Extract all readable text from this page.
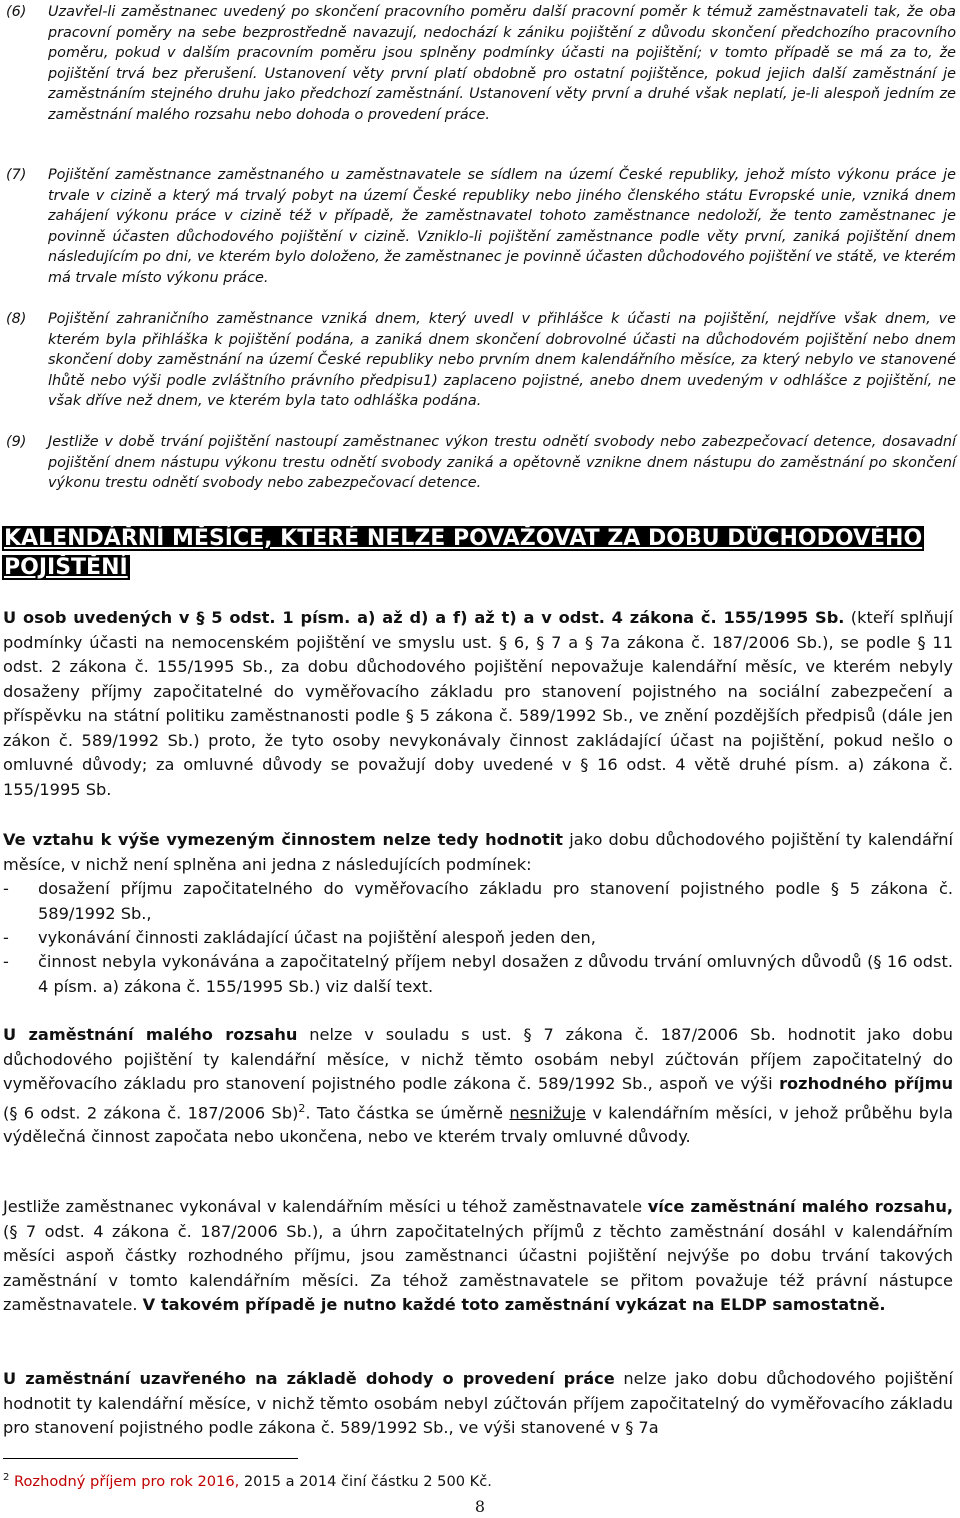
(6)	Uzavřel-li zaměstnanec uvedený po skončení pracovního poměru další pracovní poměr k témuž zaměstnavateli tak, že oba pracovní poměry na sebe bezprostředně navazují, nedochází k zániku pojištění z důvodu skončení předchozího pracovního poměru, pokud v dalším pracovním poměru jsou splněny podmínky účasti na pojištění; v tomto případě se má za to, že pojištění trvá bez přerušení. Ustanovení věty první platí obdobně pro ostatní pojištěnce, pokud jejich další zaměstnání je zaměstnáním stejného druhu jako předchozí zaměstnání. Ustanovení věty první a druhé však neplatí, je-li alespoň jedním ze zaměstnání malého rozsahu nebo dohoda o provedení práce.
(7)	Pojištění zaměstnance zaměstnaného u zaměstnavatele se sídlem na území České republiky, jehož místo výkonu práce je trvale v cizině a který má trvalý pobyt na území České republiky nebo jiného členského státu Evropské unie, vzniká dnem zahájení výkonu práce v cizině též v případě, že zaměstnavatel tohoto zaměstnance nedoloží, že tento zaměstnanec je povinně účasten důchodového pojištění v cizině. Vzniklo-li pojištění zaměstnance podle věty první, zaniká pojištění dnem následujícím po dni, ve kterém bylo doloženo, že zaměstnanec je povinně účasten důchodového pojištění ve státě, ve kterém má trvale místo výkonu práce.
(8)	Pojištění zahraničního zaměstnance vzniká dnem, který uvedl v přihlášce k účasti na pojištění, nejdříve však dnem, ve kterém byla přihláška k pojištění podána, a zaniká dnem skončení dobrovolné účasti na důchodovém pojištění nebo dnem skončení doby zaměstnání na území České republiky nebo prvním dnem kalendářního měsíce, za který nebylo ve stanovené lhůtě nebo výši podle zvláštního právního předpisu1) zaplaceno pojistné, anebo dnem uvedeným v odhlášce z pojištění, ne však dříve než dnem, ve kterém byla tato odhláška podána.
(9)	Jestliže v době trvání pojištění nastoupí zaměstnanec výkon trestu odnětí svobody nebo zabezpečovací detence, dosavadní pojištění dnem nástupu výkonu trestu odnětí svobody zaniká a opětovně vznikne dnem nástupu do zaměstnání po skončení výkonu trestu odnětí svobody nebo zabezpečovací detence.
KALENDÁŘNÍ MĚSÍCE, KTERÉ NELZE POVAŽOVAT ZA DOBU DŮCHODOVÉHO POJIŠTĚNÍ
U osob uvedených v § 5 odst. 1 písm. a) až d) a f) až t) a v odst. 4 zákona č. 155/1995 Sb. (kteří splňují podmínky účasti na nemocenském pojištění ve smyslu ust. § 6, § 7 a § 7a zákona č. 187/2006 Sb.), se podle § 11 odst. 2 zákona č. 155/1995 Sb., za dobu důchodového pojištění nepovažuje kalendářní měsíc, ve kterém nebyly dosaženy příjmy započitatelné do vyměřovacího základu pro stanovení pojistného na sociální zabezpečení a příspěvku na státní politiku zaměstnanosti podle § 5 zákona č. 589/1992 Sb., ve znění pozdějších předpisů (dále jen zákon č. 589/1992 Sb.) proto, že tyto osoby nevykonávaly činnost zakládající účast na pojištění, pokud nešlo o omluvné důvody; za omluvné důvody se považují doby uvedené v § 16 odst. 4 větě druhé písm. a) zákona č. 155/1995 Sb.
Ve vztahu k výše vymezeným činnostem nelze tedy hodnotit jako dobu důchodového pojištění ty kalendářní měsíce, v nichž není splněna ani jedna z následujících podmínek:
-	dosažení příjmu započitatelného do vyměřovacího základu pro stanovení pojistného podle § 5 zákona č. 589/1992 Sb.,
-	vykonávání činnosti zakládající účast na pojištění alespoň jeden den,
-	činnost nebyla vykonávána a započitatelný příjem nebyl dosažen z důvodu trvání omluvných důvodů (§ 16 odst. 4 písm. a) zákona č. 155/1995 Sb.) viz další text.
U zaměstnání malého rozsahu nelze v souladu s ust. § 7 zákona č. 187/2006 Sb. hodnotit jako dobu důchodového pojištění ty kalendářní měsíce, v nichž těmto osobám nebyl zúčtován příjem započitatelný do vyměřovacího základu pro stanovení pojistného podle zákona č. 589/1992 Sb., aspoň ve výši rozhodného příjmu (§ 6 odst. 2 zákona č. 187/2006 Sb)$^2$. Tato částka se úměrně nesnižuje v kalendářním měsíci, v jehož průběhu byla výdělečná činnost započata nebo ukončena, nebo ve kterém trvaly omluvné důvody.
Jestliže zaměstnanec vykonával v kalendářním měsíci u téhož zaměstnavatele více zaměstnání malého rozsahu, (§ 7 odst. 4 zákona č. 187/2006 Sb.), a úhrn započitatelných příjmů z těchto zaměstnání dosáhl v kalendářním měsíci aspoň částky rozhodného příjmu, jsou zaměstnanci účastni pojištění nejvýše po dobu trvání takových zaměstnání v tomto kalendářním měsíci. Za téhož zaměstnavatele se přitom považuje též právní nástupce zaměstnavatele. V takovém případě je nutno každé toto zaměstnání vykázat na ELDP samostatně.
U zaměstnání uzavřeného na základě dohody o provedení práce nelze jako dobu důchodového pojištění hodnotit ty kalendářní měsíce, v nichž těmto osobám nebyl zúčtován příjem započitatelný do vyměřovacího základu pro stanovení pojistného podle zákona č. 589/1992 Sb., ve výši stanovené v § 7a
$^2$ Rozhodný příjem pro rok 2016, 2015 a 2014 činí částku 2 500 Kč.
8
